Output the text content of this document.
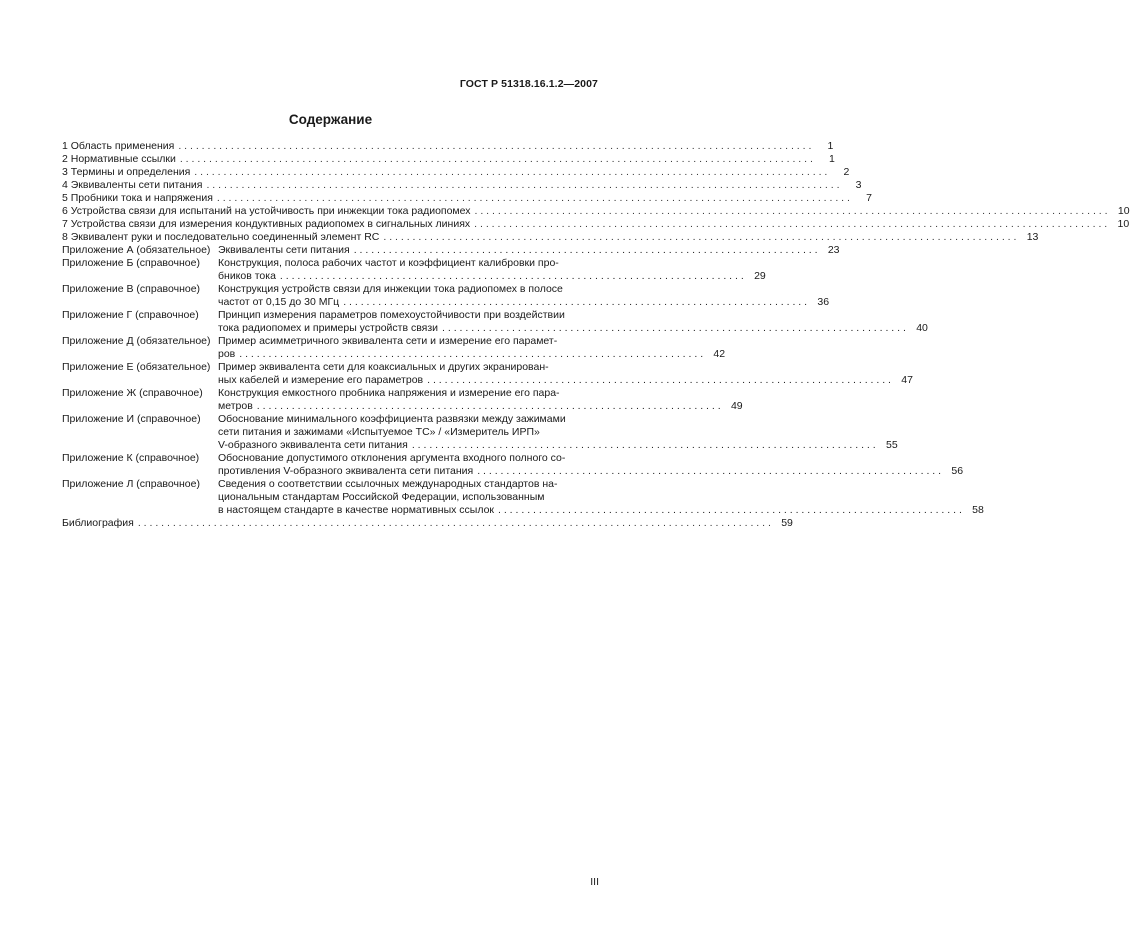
ГОСТ Р 51318.16.1.2—2007
Содержание
1 Область применения . . .	1
2 Нормативные ссылки . . .	1
3 Термины и определения . . .	2
4 Эквиваленты сети питания . . .	3
5 Пробники тока и напряжения . . .	7
6 Устройства связи для испытаний на устойчивость при инжекции тока радиопомех . . .	10
7 Устройства связи для измерения кондуктивных радиопомех в сигнальных линиях . . .	10
8 Эквивалент руки и последовательно соединенный элемент RC . . .	13
Приложение А (обязательное) Эквиваленты сети питания . . .	23
Приложение Б (справочное)	Конструкция, полоса рабочих частот и коэффициент калибровки про-
бников тока . . .	29
Приложение В (справочное)	Конструкция устройств связи для инжекции тока радиопомех в полосе
частот от 0,15 до 30 МГц . . .	36
Приложение Г (справочное)	Принцип измерения параметров помехоустойчивости при воздействии
тока радиопомех и примеры устройств связи . . .	40
Приложение Д (обязательное) Пример асимметричного эквивалента сети и измерение его парамет-
ров . . .	42
Приложение Е (обязательное) Пример эквивалента сети для коаксиальных и других экранирован-
ных кабелей и измерение его параметров . . .	47
Приложение Ж (справочное)	Конструкция емкостного пробника напряжения и измерение его пара-
метров . . .	49
Приложение И (справочное)	Обоснование минимального коэффициента развязки между зажимами
сети питания и зажимами «Испытуемое ТС» / «Измеритель ИРП»
V-образного эквивалента сети питания . . .	55
Приложение К (справочное)	Обоснование допустимого отклонения аргумента входного полного со-
противления V-образного эквивалента сети питания . . .	56
Приложение Л (справочное)	Сведения о соответствии ссылочных международных стандартов на-
циональным стандартам Российской Федерации, использованным
в настоящем стандарте в качестве нормативных ссылок . . .	58
Библиография . . .	59
III
